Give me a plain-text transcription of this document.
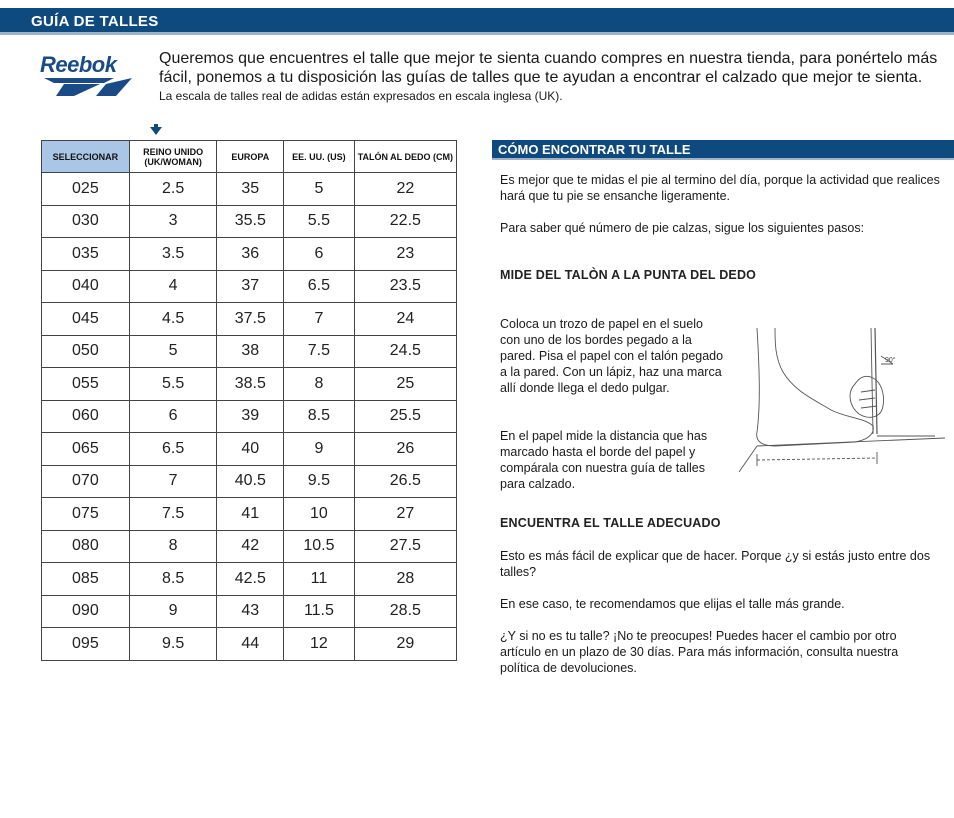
GUÍA DE TALLES
Reebok	Queremos que encuentres el talle que mejor te sienta cuando compres en nuestra tienda, para ponértelo más fácil, ponemos a tu disposición las guías de talles que te ayudan a encontrar el calzado que mejor te sienta.

La escala de talles real de adidas están expresados en escala inglesa (UK).

SELECCIONAR	REINO UNIDO (UK/WOMAN)	EUROPA	EE. UU. (US)	TALÓN AL DEDO (CM)
025	2.5	35	5	22
030	3	35.5	5.5	22.5
035	3.5	36	6	23
040	4	37	6.5	23.5
045	4.5	37.5	7	24
050	5	38	7.5	24.5
055	5.5	38.5	8	25
060	6	39	8.5	25.5
065	6.5	40	9	26
070	7	40.5	9.5	26.5
075	7.5	41	10	27
080	8	42	10.5	27.5
085	8.5	42.5	11	28
090	9	43	11.5	28.5
095	9.5	44	12	29
CÓMO ENCONTRAR TU TALLE

Es mejor que te midas el pie al termino del día, porque la actividad que realices hará que tu pie se ensanche ligeramente.

Para saber qué número de pie calzas, sigue los siguientes pasos:

MIDE DEL TALÒN A LA PUNTA DEL DEDO

Coloca un trozo de papel en el suelo con uno de los bordes pegado a la pared. Pisa el papel con el talón pegado a la pared. Con un lápiz, haz una marca allí donde llega el dedo pulgar.

En el papel mide la distancia que has marcado hasta el borde del papel y compárala con nuestra guía de talles para calzado.

90°

ENCUENTRA EL TALLE ADECUADO

Esto es más fácil de explicar que de hacer. Porque ¿y si estás justo entre dos talles?

En ese caso, te recomendamos que elijas el talle más grande.

¿Y si no es tu talle? ¡No te preocupes! Puedes hacer el cambio por otro artículo en un plazo de 30 días. Para más información, consulta nuestra política de devoluciones.
